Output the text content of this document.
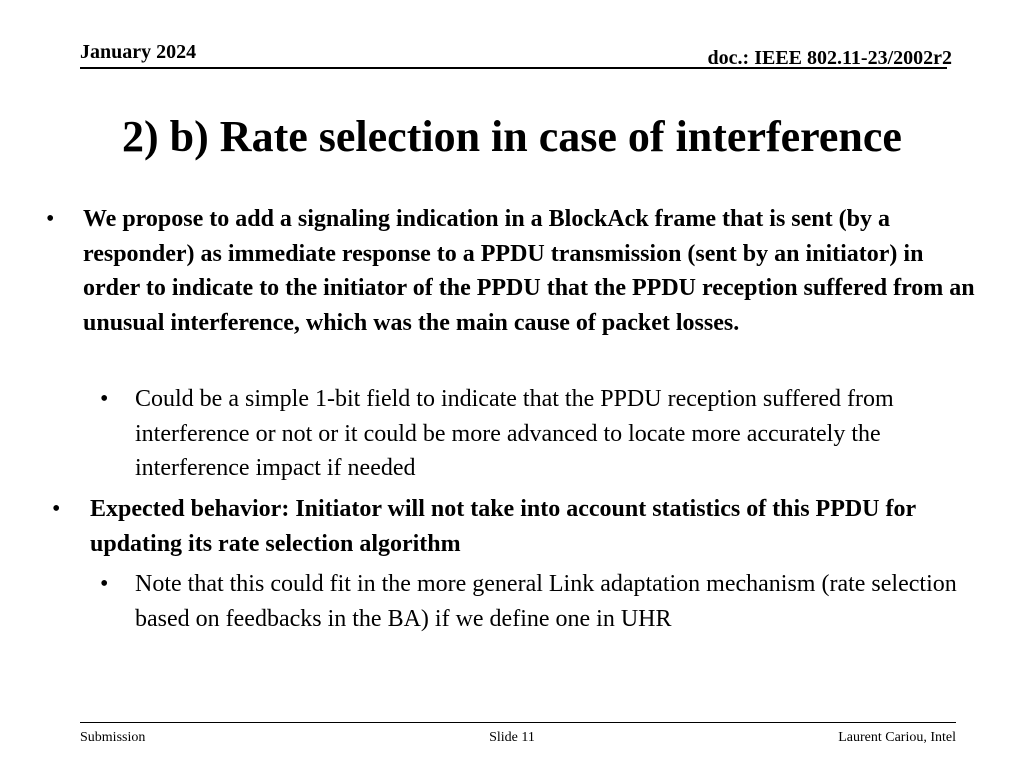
January 2024	doc.: IEEE 802.11-23/2002r2
2) b) Rate selection in case of interference
• We propose to add a signaling indication in a BlockAck frame that is sent (by a responder) as immediate response to a PPDU transmission (sent by an initiator) in order to indicate to the initiator of the PPDU that the PPDU reception suffered from an unusual interference, which was the main cause of packet losses.
• Could be a simple 1-bit field to indicate that the PPDU reception suffered from interference or not or it could be more advanced to locate more accurately the interference impact if needed
• Expected behavior: Initiator will not take into account statistics of this PPDU for updating its rate selection algorithm
• Note that this could fit in the more general Link adaptation mechanism (rate selection based on feedbacks in the BA) if we define one in UHR
Submission	Slide 11	Laurent Cariou, Intel
